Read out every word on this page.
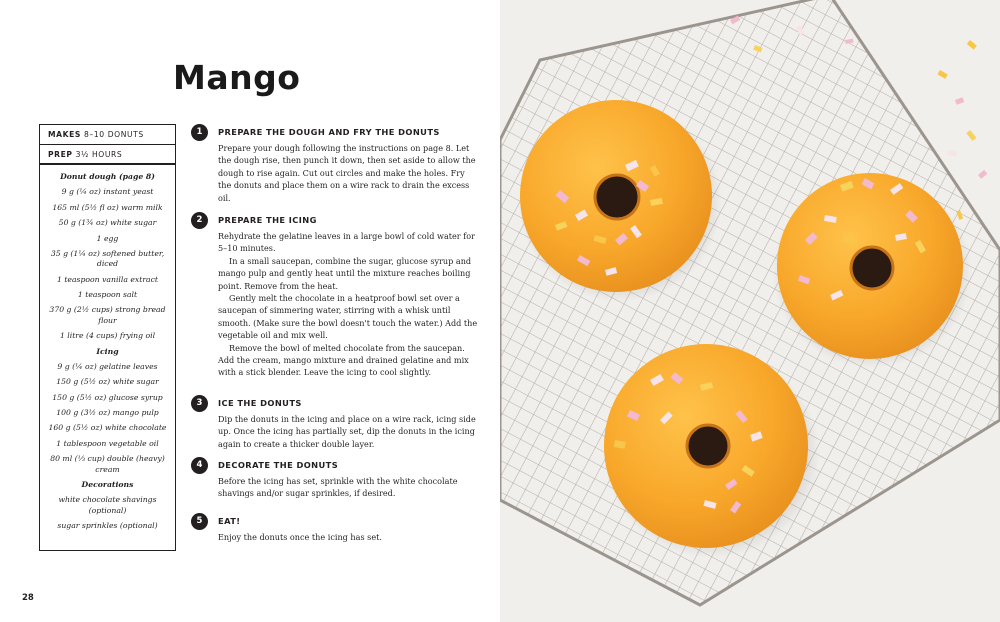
Mango
MAKES 8–10 DONUTS
PREP 3½ HOURS

Donut dough (page 8)

9 g (¼ oz) instant yeast

165 ml (5½ fl oz) warm milk

50 g (1¾ oz) white sugar

1 egg

35 g (1¼ oz) softened butter, diced

1 teaspoon vanilla extract

1 teaspoon salt

370 g (2½ cups) strong bread flour

1 litre (4 cups) frying oil

Icing

9 g (¼ oz) gelatine leaves

150 g (5½ oz) white sugar

150 g (5½ oz) glucose syrup

100 g (3½ oz) mango pulp

160 g (5½ oz) white chocolate

1 tablespoon vegetable oil

80 ml (⅓ cup) double (heavy) cream

Decorations

white chocolate shavings (optional)

sugar sprinkles (optional)

1	PREPARE THE DOUGH AND FRY THE DONUTS

Prepare your dough following the instructions on page 8. Let the dough rise, then punch it down, then set aside to allow the dough to rise again. Cut out circles and make the holes. Fry the donuts and place them on a wire rack to drain the excess oil.

2	PREPARE THE ICING

Rehydrate the gelatine leaves in a large bowl of cold water for 5–10 minutes.

In a small saucepan, combine the sugar, glucose syrup and mango pulp and gently heat until the mixture reaches boiling point. Remove from the heat.

Gently melt the chocolate in a heatproof bowl set over a saucepan of simmering water, stirring with a whisk until smooth. (Make sure the bowl doesn't touch the water.) Add the vegetable oil and mix well.

Remove the bowl of melted chocolate from the saucepan. Add the cream, mango mixture and drained gelatine and mix with a stick blender. Leave the icing to cool slightly.

3	ICE THE DONUTS

Dip the donuts in the icing and place on a wire rack, icing side up. Once the icing has partially set, dip the donuts in the icing again to create a thicker double layer.

4	DECORATE THE DONUTS

Before the icing has set, sprinkle with the white chocolate shavings and/or sugar sprinkles, if desired.

5	EAT!

Enjoy the donuts once the icing has set.

28
